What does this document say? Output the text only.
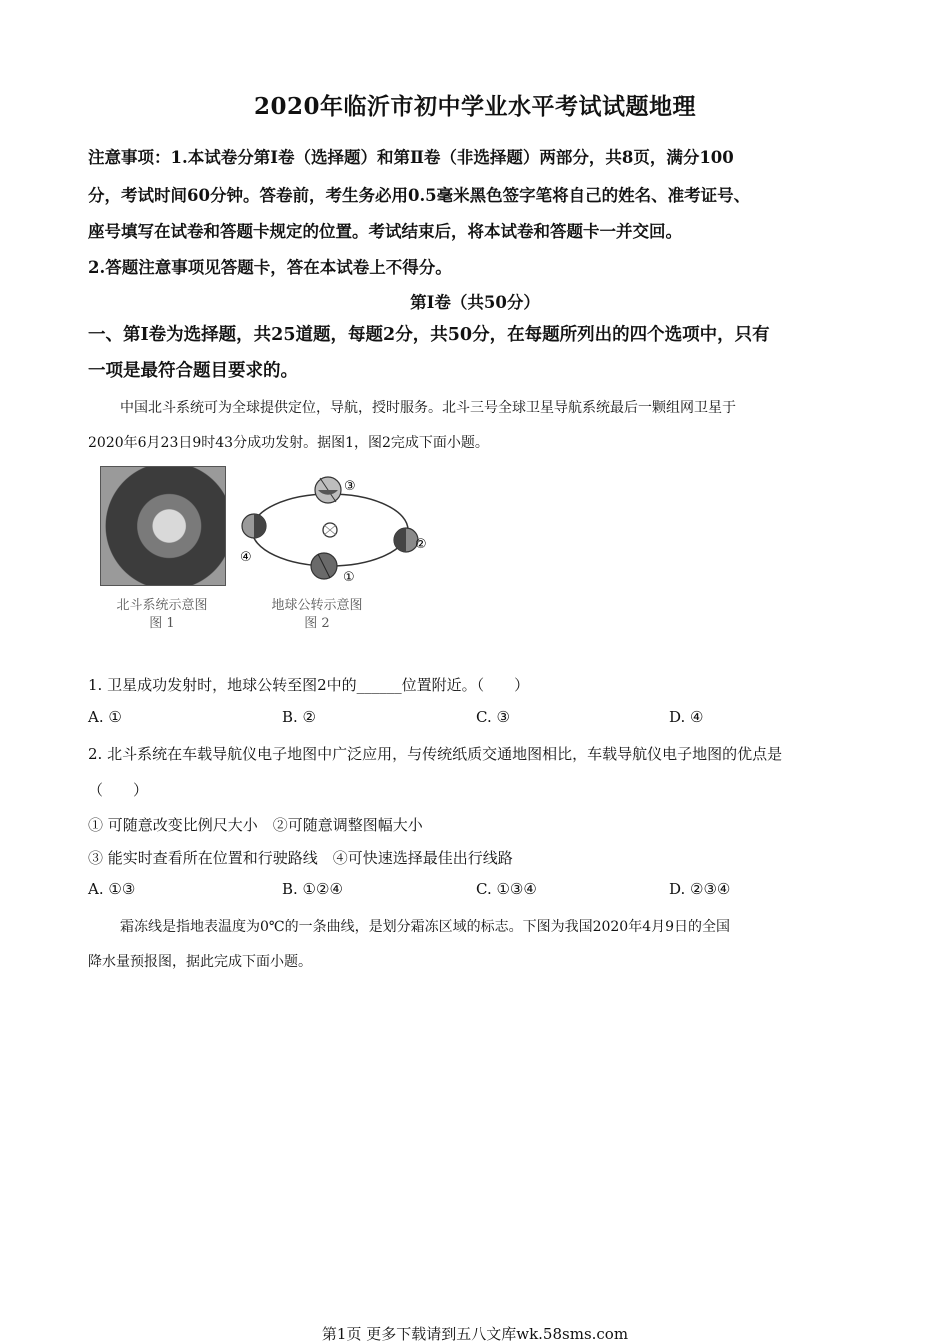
2020年临沂市初中学业水平考试试题地理
注意事项：1.本试卷分第Ⅰ卷（选择题）和第Ⅱ卷（非选择题）两部分，共8页，满分100
分，考试时间60分钟。答卷前，考生务必用0.5毫米黑色签字笔将自己的姓名、准考证号、
座号填写在试卷和答题卡规定的位置。考试结束后，将本试卷和答题卡一并交回。
2.答题注意事项见答题卡，答在本试卷上不得分。
第Ⅰ卷（共50分）
一、第Ⅰ卷为选择题，共25道题，每题2分，共50分，在每题所列出的四个选项中，只有
一项是最符合题目要求的。
中国北斗系统可为全球提供定位，导航，授时服务。北斗三号全球卫星导航系统最后一颗组网卫星于
2020年6月23日9时43分成功发射。据图1，图2完成下面小题。
北斗系统示意图
图 1
①
②
③
④
地球公转示意图
图 2
1. 卫星成功发射时，地球公转至图2中的______位置附近。（　　）
A. ①	B. ②	C. ③	D. ④
2. 北斗系统在车载导航仪电子地图中广泛应用，与传统纸质交通地图相比，车载导航仪电子地图的优点是
（　　）
① 可随意改变比例尺大小　②可随意调整图幅大小
③ 能实时查看所在位置和行驶路线　④可快速选择最佳出行线路
A. ①③	B. ①②④	C. ①③④	D. ②③④
霜冻线是指地表温度为0℃的一条曲线，是划分霜冻区域的标志。下图为我国2020年4月9日的全国
降水量预报图，据此完成下面小题。
第1页 更多下载请到五八文库wk.58sms.com
